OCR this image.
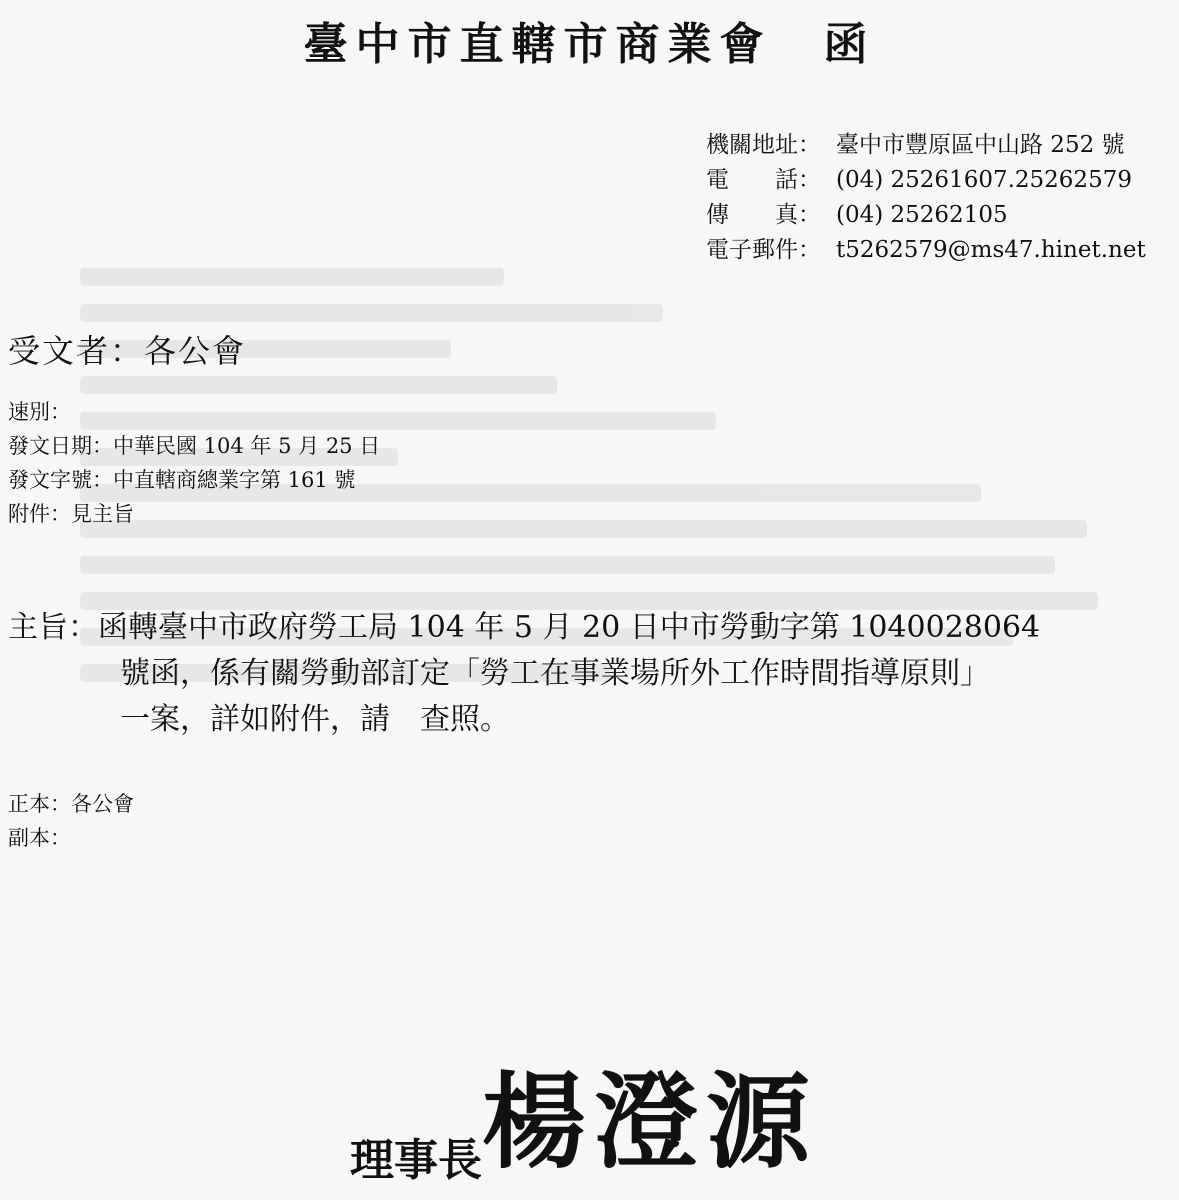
臺中市直轄市商業會　函
機關地址： 臺中市豐原區中山路 252 號
電　　話： (04) 25261607.25262579
傳　　真： (04) 25262105
電子郵件： t5262579@ms47.hinet.net
受文者：各公會
速別：
發文日期：中華民國 104 年 5 月 25 日
發文字號：中直轄商總業字第 161 號
附件：見主旨
主旨：函轉臺中市政府勞工局 104 年 5 月 20 日中市勞動字第 1040028064
號函，係有關勞動部訂定「勞工在事業場所外工作時間指導原則」
一案，詳如附件，請　查照。
正本：各公會
副本：
理事長楊澄源
